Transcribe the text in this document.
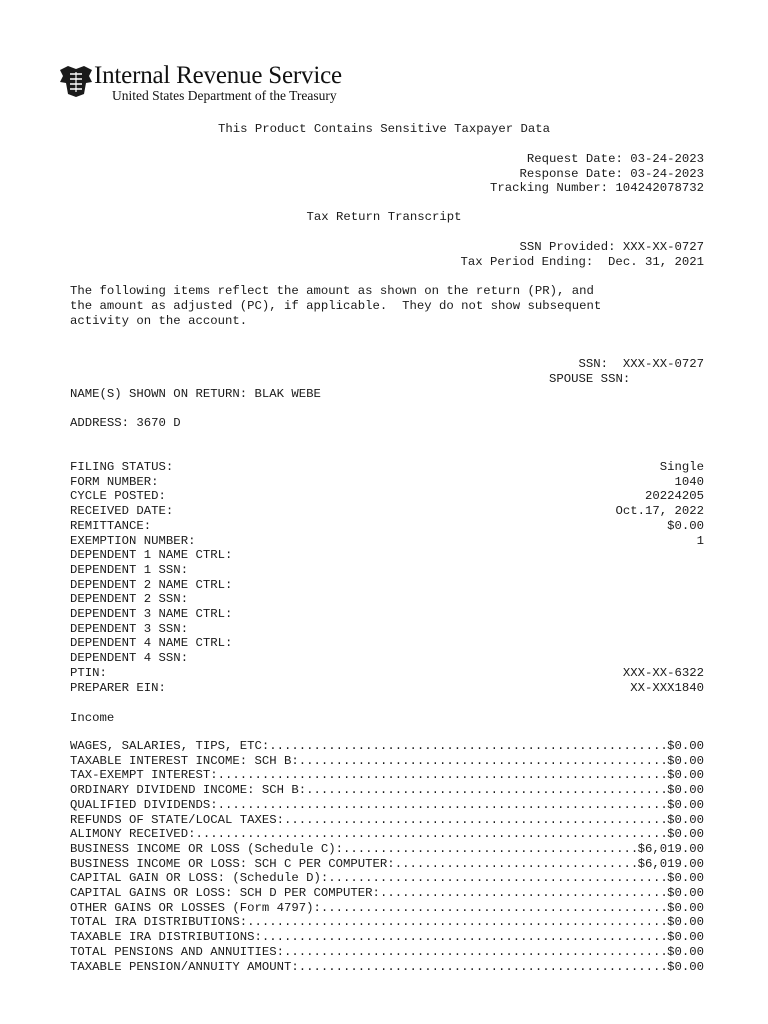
Internal Revenue Service
United States Department of the Treasury
This Product Contains Sensitive Taxpayer Data
Request Date: 03-24-2023
Response Date: 03-24-2023
Tracking Number: 104242078732
Tax Return Transcript
SSN Provided: XXX-XX-0727
Tax Period Ending:  Dec. 31, 2021
The following items reflect the amount as shown on the return (PR), and
the amount as adjusted (PC), if applicable.  They do not show subsequent
activity on the account.
SSN:  XXX-XX-0727
SPOUSE SSN:
NAME(S) SHOWN ON RETURN: BLAK WEBE
ADDRESS: 3670 D
FILING STATUS:	Single
FORM NUMBER:	1040
CYCLE POSTED:	20224205
RECEIVED DATE:	Oct.17, 2022
REMITTANCE:	$0.00
EXEMPTION NUMBER:	1
DEPENDENT 1 NAME CTRL:
DEPENDENT 1 SSN:
DEPENDENT 2 NAME CTRL:
DEPENDENT 2 SSN:
DEPENDENT 3 NAME CTRL:
DEPENDENT 3 SSN:
DEPENDENT 4 NAME CTRL:
DEPENDENT 4 SSN:
PTIN:	XXX-XX-6322
PREPARER EIN:	XX-XXX1840
Income
WAGES, SALARIES, TIPS, ETC: .....	$0.00
TAXABLE INTEREST INCOME: SCH B: .....	$0.00
TAX-EXEMPT INTEREST: .....	$0.00
ORDINARY DIVIDEND INCOME: SCH B: .....	$0.00
QUALIFIED DIVIDENDS: .....	$0.00
REFUNDS OF STATE/LOCAL TAXES: .....	$0.00
ALIMONY RECEIVED: .....	$0.00
BUSINESS INCOME OR LOSS (Schedule C): .....	$6,019.00
BUSINESS INCOME OR LOSS: SCH C PER COMPUTER: .....	$6,019.00
CAPITAL GAIN OR LOSS: (Schedule D): .....	$0.00
CAPITAL GAINS OR LOSS: SCH D PER COMPUTER: .....	$0.00
OTHER GAINS OR LOSSES (Form 4797): .....	$0.00
TOTAL IRA DISTRIBUTIONS: .....	$0.00
TAXABLE IRA DISTRIBUTIONS: .....	$0.00
TOTAL PENSIONS AND ANNUITIES: .....	$0.00
TAXABLE PENSION/ANNUITY AMOUNT: .....	$0.00
